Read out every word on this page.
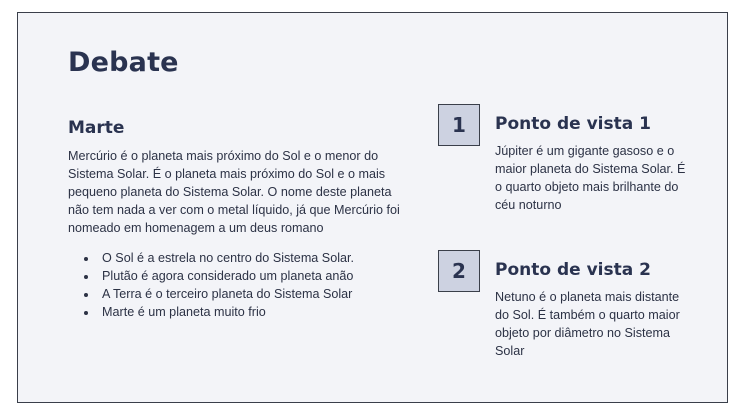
Debate
Marte

Mercúrio é o planeta mais próximo do Sol e o menor do Sistema Solar. É o planeta mais próximo do Sol e o mais pequeno planeta do Sistema Solar. O nome deste planeta não tem nada a ver com o metal líquido, já que Mercúrio foi nomeado em homenagem a um deus romano

• O Sol é a estrela no centro do Sistema Solar.
• Plutão é agora considerado um planeta anão
• A Terra é o terceiro planeta do Sistema Solar
• Marte é um planeta muito frio
1	Ponto de vista 1

Júpiter é um gigante gasoso e o maior planeta do Sistema Solar. É o quarto objeto mais brilhante do céu noturno

2	Ponto de vista 2

Netuno é o planeta mais distante do Sol. É também o quarto maior objeto por diâmetro no Sistema Solar
